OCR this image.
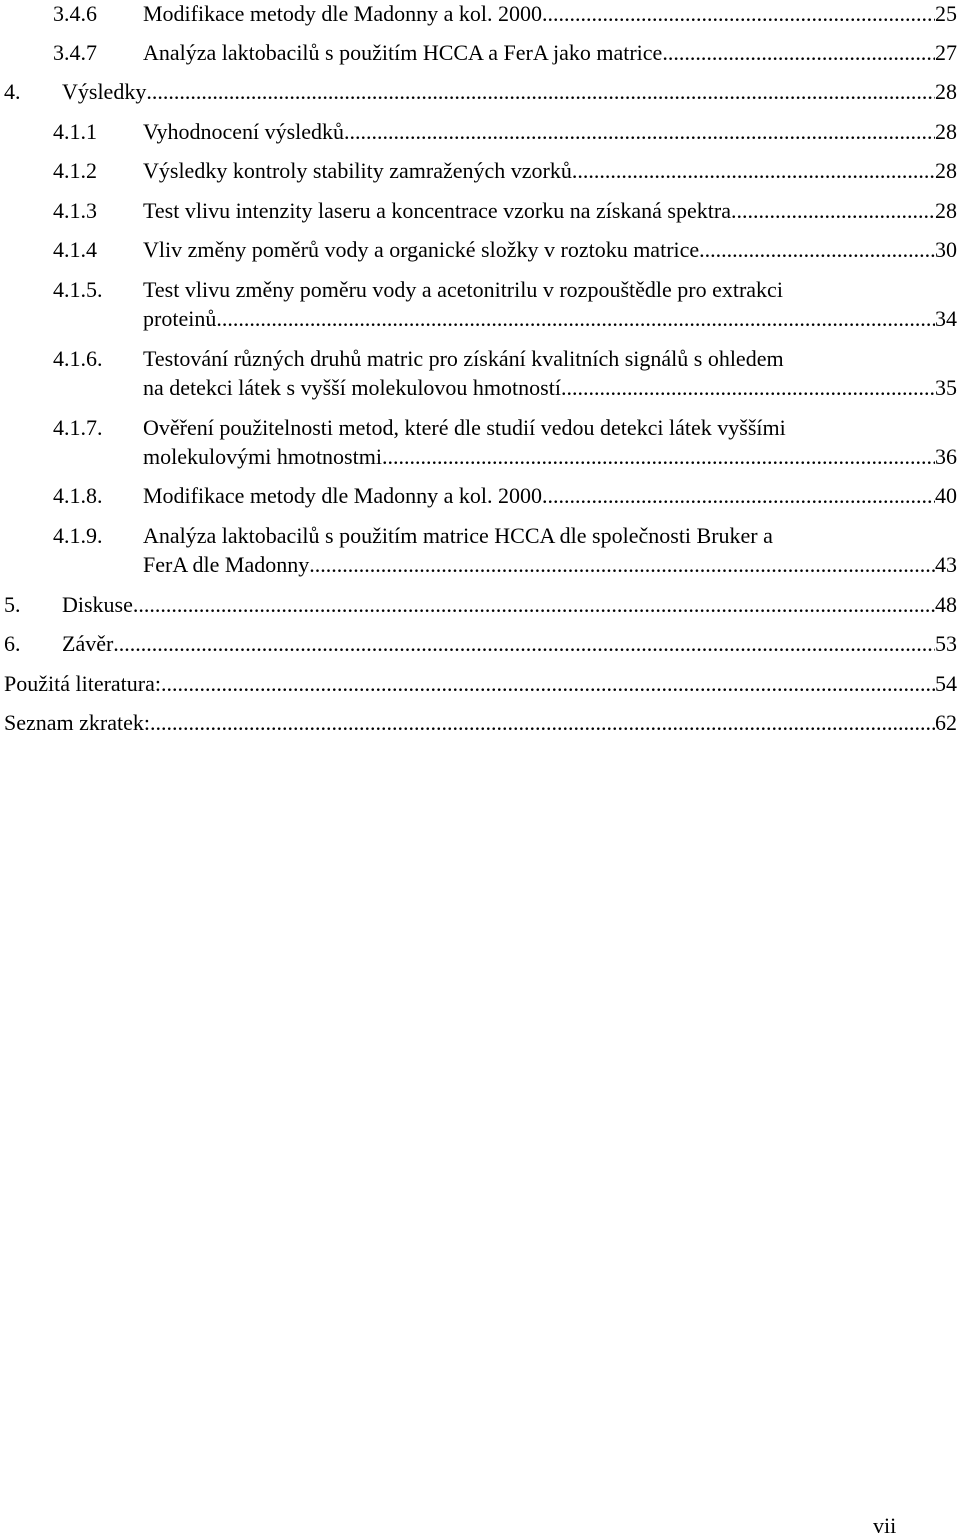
3.4.6 Modifikace metody dle Madonny a kol. 2000 .....	25
3.4.7 Analýza laktobacilů s použitím HCCA a FerA jako matrice .....	27
4. Výsledky .....	28
4.1.1 Vyhodnocení výsledků .....	28
4.1.2 Výsledky kontroly stability zamražených vzorků .....	28
4.1.3 Test vlivu intenzity laseru a koncentrace vzorku na získaná spektra .....	28
4.1.4 Vliv změny poměrů vody a organické složky v roztoku matrice .....	30
4.1.5. Test vlivu změny poměru vody a acetonitrilu v rozpouštědle pro extrakci
proteinů .....	34
4.1.6. Testování různých druhů matric pro získání kvalitních signálů s ohledem
na detekci látek s vyšší molekulovou hmotností .....	35
4.1.7. Ověření použitelnosti metod, které dle studií vedou detekci látek vyššími
molekulovými hmotnostmi .....	36
4.1.8. Modifikace metody dle Madonny a kol. 2000 .....	40
4.1.9. Analýza laktobacilů s použitím matrice HCCA dle společnosti Bruker a
FerA dle Madonny .....	43
5. Diskuse .....	48
6. Závěr .....	53
Použitá literatura: .....	54
Seznam zkratek: .....	62
vii
